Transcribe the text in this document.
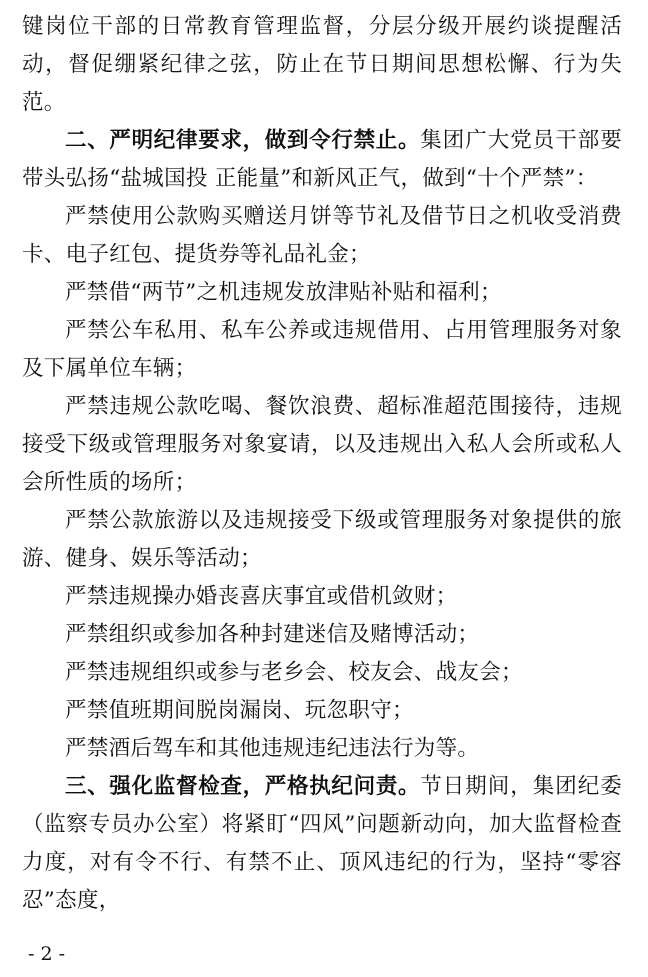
键岗位干部的日常教育管理监督，分层分级开展约谈提醒活动，督促绷紧纪律之弦，防止在节日期间思想松懈、行为失范。

二、严明纪律要求，做到令行禁止。集团广大党员干部要带头弘扬“盐城国投 正能量”和新风正气，做到“十个严禁”：

严禁使用公款购买赠送月饼等节礼及借节日之机收受消费卡、电子红包、提货券等礼品礼金；

严禁借“两节”之机违规发放津贴补贴和福利；

严禁公车私用、私车公养或违规借用、占用管理服务对象及下属单位车辆；

严禁违规公款吃喝、餐饮浪费、超标准超范围接待，违规接受下级或管理服务对象宴请，以及违规出入私人会所或私人会所性质的场所；

严禁公款旅游以及违规接受下级或管理服务对象提供的旅游、健身、娱乐等活动；

严禁违规操办婚丧喜庆事宜或借机敛财；

严禁组织或参加各种封建迷信及赌博活动；

严禁违规组织或参与老乡会、校友会、战友会；

严禁值班期间脱岗漏岗、玩忽职守；

严禁酒后驾车和其他违规违纪违法行为等。

三、强化监督检查，严格执纪问责。节日期间，集团纪委（监察专员办公室）将紧盯“四风”问题新动向，加大监督检查力度，对有令不行、有禁不止、顶风违纪的行为，坚持“零容忍”态度，

- 2 -
